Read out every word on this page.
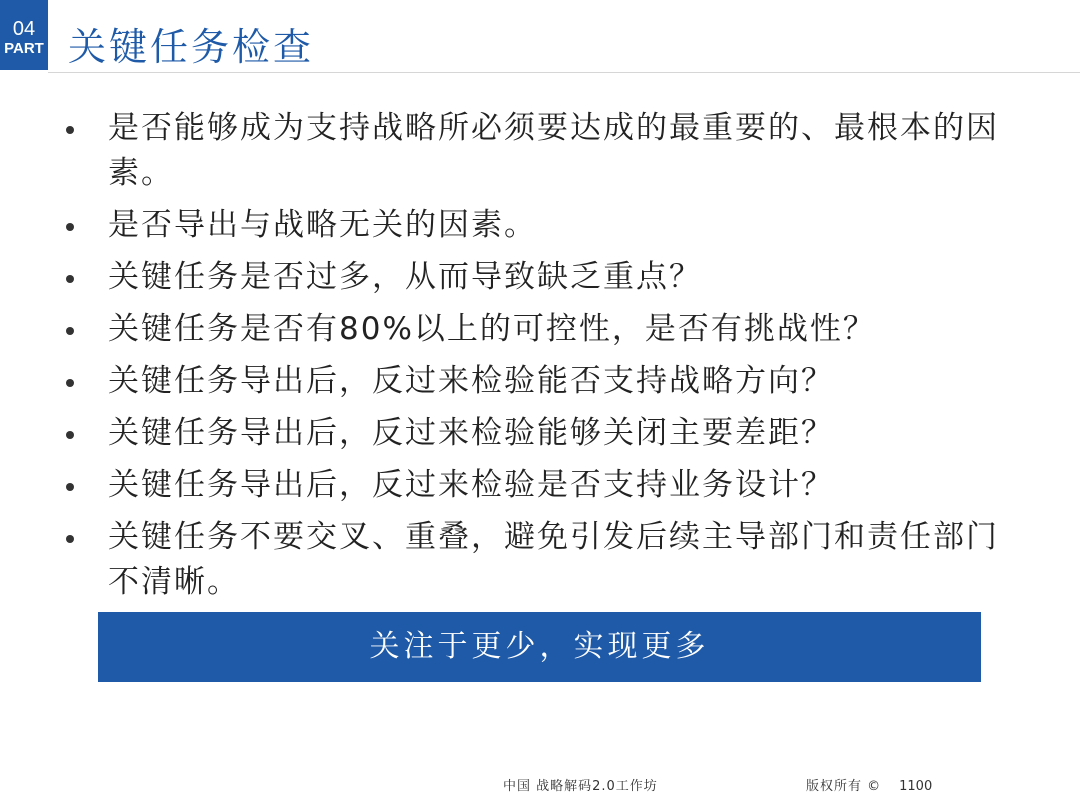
04
PART 关键任务检查
是否能够成为支持战略所必须要达成的最重要的、最根本的因素。
是否导出与战略无关的因素。
关键任务是否过多，从而导致缺乏重点？
关键任务是否有80%以上的可控性，是否有挑战性？
关键任务导出后，反过来检验能否支持战略方向？
关键任务导出后，反过来检验能够关闭主要差距？
关键任务导出后，反过来检验是否支持业务设计？
关键任务不要交叉、重叠，避免引发后续主导部门和责任部门不清晰。
关注于更少，实现更多
中国 战略解码2.0工作坊	版权所有 © 1100
